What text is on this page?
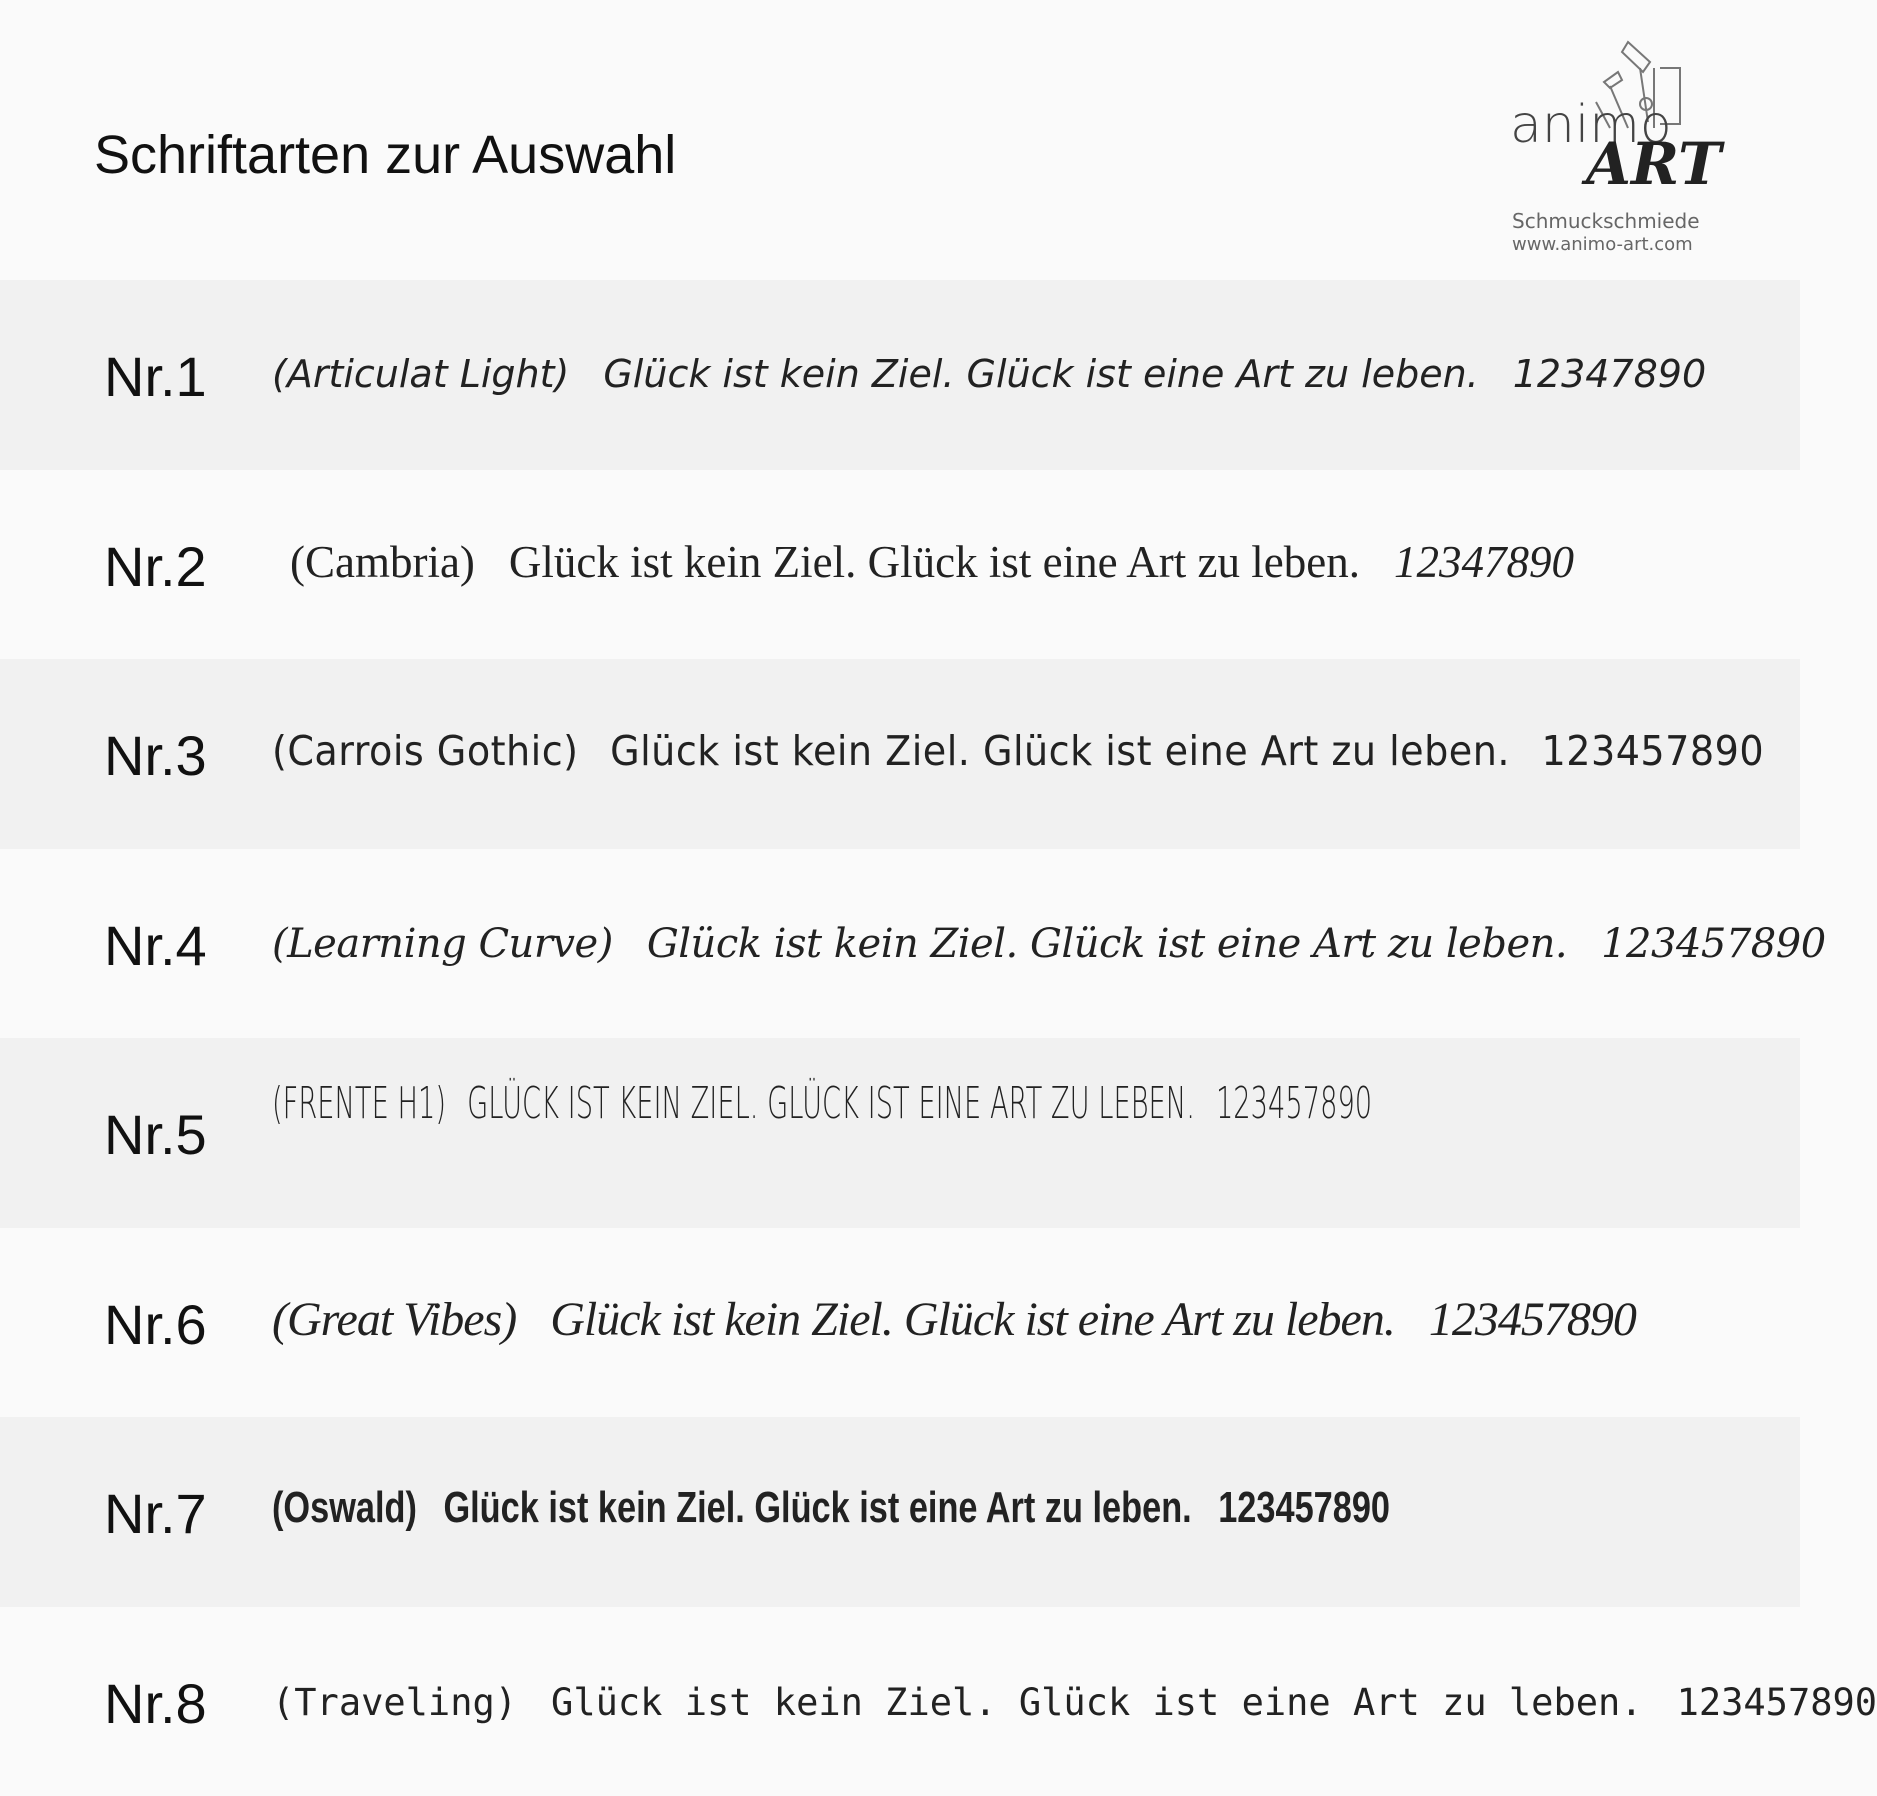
Schriftarten zur Auswahl	animo
ART
Schmuckschmiede
www.animo-art.com
Nr.1 (Articulat Light) Glück ist kein Ziel. Glück ist eine Art zu leben. 12347890
Nr.2 (Cambria) Glück ist kein Ziel. Glück ist eine Art zu leben. 12347890
Nr.3 (Carrois Gothic) Glück ist kein Ziel. Glück ist eine Art zu leben. 123457890
Nr.4 (Learning Curve) Glück ist kein Ziel. Glück ist eine Art zu leben. 123457890
Nr.5 (FRENTE H1) GLÜCK IST KEIN ZIEL. GLÜCK IST EINE ART ZU LEBEN. 123457890
Nr.6 (Great Vibes) Glück ist kein Ziel. Glück ist eine Art zu leben. 123457890
Nr.7 (Oswald) Glück ist kein Ziel. Glück ist eine Art zu leben. 123457890
Nr.8 (Traveling) Glück ist kein Ziel. Glück ist eine Art zu leben. 123457890
